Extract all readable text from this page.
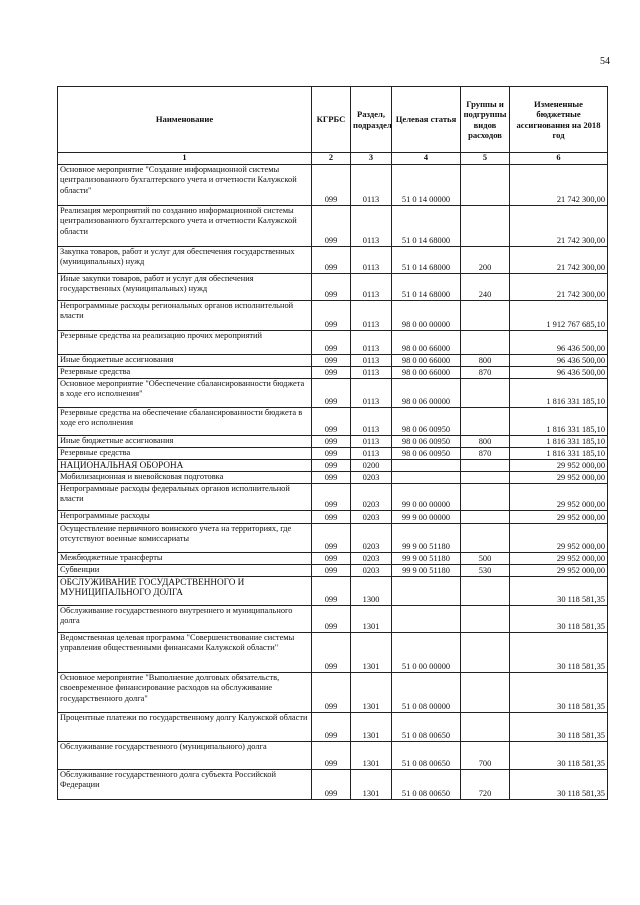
54
Наименование	КГРБС	Раздел, подраздел	Целевая статья	Группы и подгруппы видов расходов	Измененные бюджетные ассигнования на 2018 год
1	2	3	4	5	6
Основное мероприятие "Создание информационной системы централизованного бухгалтерского учета и отчетности Калужской области"	099	0113	51 0 14 00000		21 742 300,00
Реализация мероприятий по созданию информационной системы централизованного бухгалтерского учета и отчетности Калужской области	099	0113	51 0 14 68000		21 742 300,00
Закупка товаров, работ и услуг для обеспечения государственных (муниципальных) нужд	099	0113	51 0 14 68000	200	21 742 300,00
Иные закупки товаров, работ и услуг для обеспечения государственных (муниципальных) нужд	099	0113	51 0 14 68000	240	21 742 300,00
Непрограммные расходы региональных органов исполнительной власти	099	0113	98 0 00 00000		1 912 767 685,10
Резервные средства на реализацию прочих мероприятий	099	0113	98 0 00 66000		96 436 500,00
Иные бюджетные ассигнования	099	0113	98 0 00 66000	800	96 436 500,00
Резервные средства	099	0113	98 0 00 66000	870	96 436 500,00
Основное мероприятие "Обеспечение сбалансированности бюджета в ходе его исполнения"	099	0113	98 0 06 00000		1 816 331 185,10
Резервные средства на обеспечение сбалансированности бюджета в ходе его исполнения	099	0113	98 0 06 00950		1 816 331 185,10
Иные бюджетные ассигнования	099	0113	98 0 06 00950	800	1 816 331 185,10
Резервные средства	099	0113	98 0 06 00950	870	1 816 331 185,10
НАЦИОНАЛЬНАЯ ОБОРОНА	099	0200			29 952 000,00
Мобилизационная и вневойсковая подготовка	099	0203			29 952 000,00
Непрограммные расходы федеральных органов исполнительной власти	099	0203	99 0 00 00000		29 952 000,00
Непрограммные расходы	099	0203	99 9 00 00000		29 952 000,00
Осуществление первичного воинского учета на территориях, где отсутствуют военные комиссариаты	099	0203	99 9 00 51180		29 952 000,00
Межбюджетные трансферты	099	0203	99 9 00 51180	500	29 952 000,00
Субвенции	099	0203	99 9 00 51180	530	29 952 000,00
ОБСЛУЖИВАНИЕ ГОСУДАРСТВЕННОГО И МУНИЦИПАЛЬНОГО ДОЛГА	099	1300			30 118 581,35
Обслуживание государственного внутреннего и муниципального долга	099	1301			30 118 581,35
Ведомственная целевая программа "Совершенствование системы управления общественными финансами Калужской области"	099	1301	51 0 00 00000		30 118 581,35
Основное мероприятие "Выполнение долговых обязательств, своевременное финансирование расходов на обслуживание государственного долга"	099	1301	51 0 08 00000		30 118 581,35
Процентные платежи по государственному долгу Калужской области	099	1301	51 0 08 00650		30 118 581,35
Обслуживание государственного (муниципального) долга	099	1301	51 0 08 00650	700	30 118 581,35
Обслуживание государственного долга субъекта Российской Федерации	099	1301	51 0 08 00650	720	30 118 581,35
